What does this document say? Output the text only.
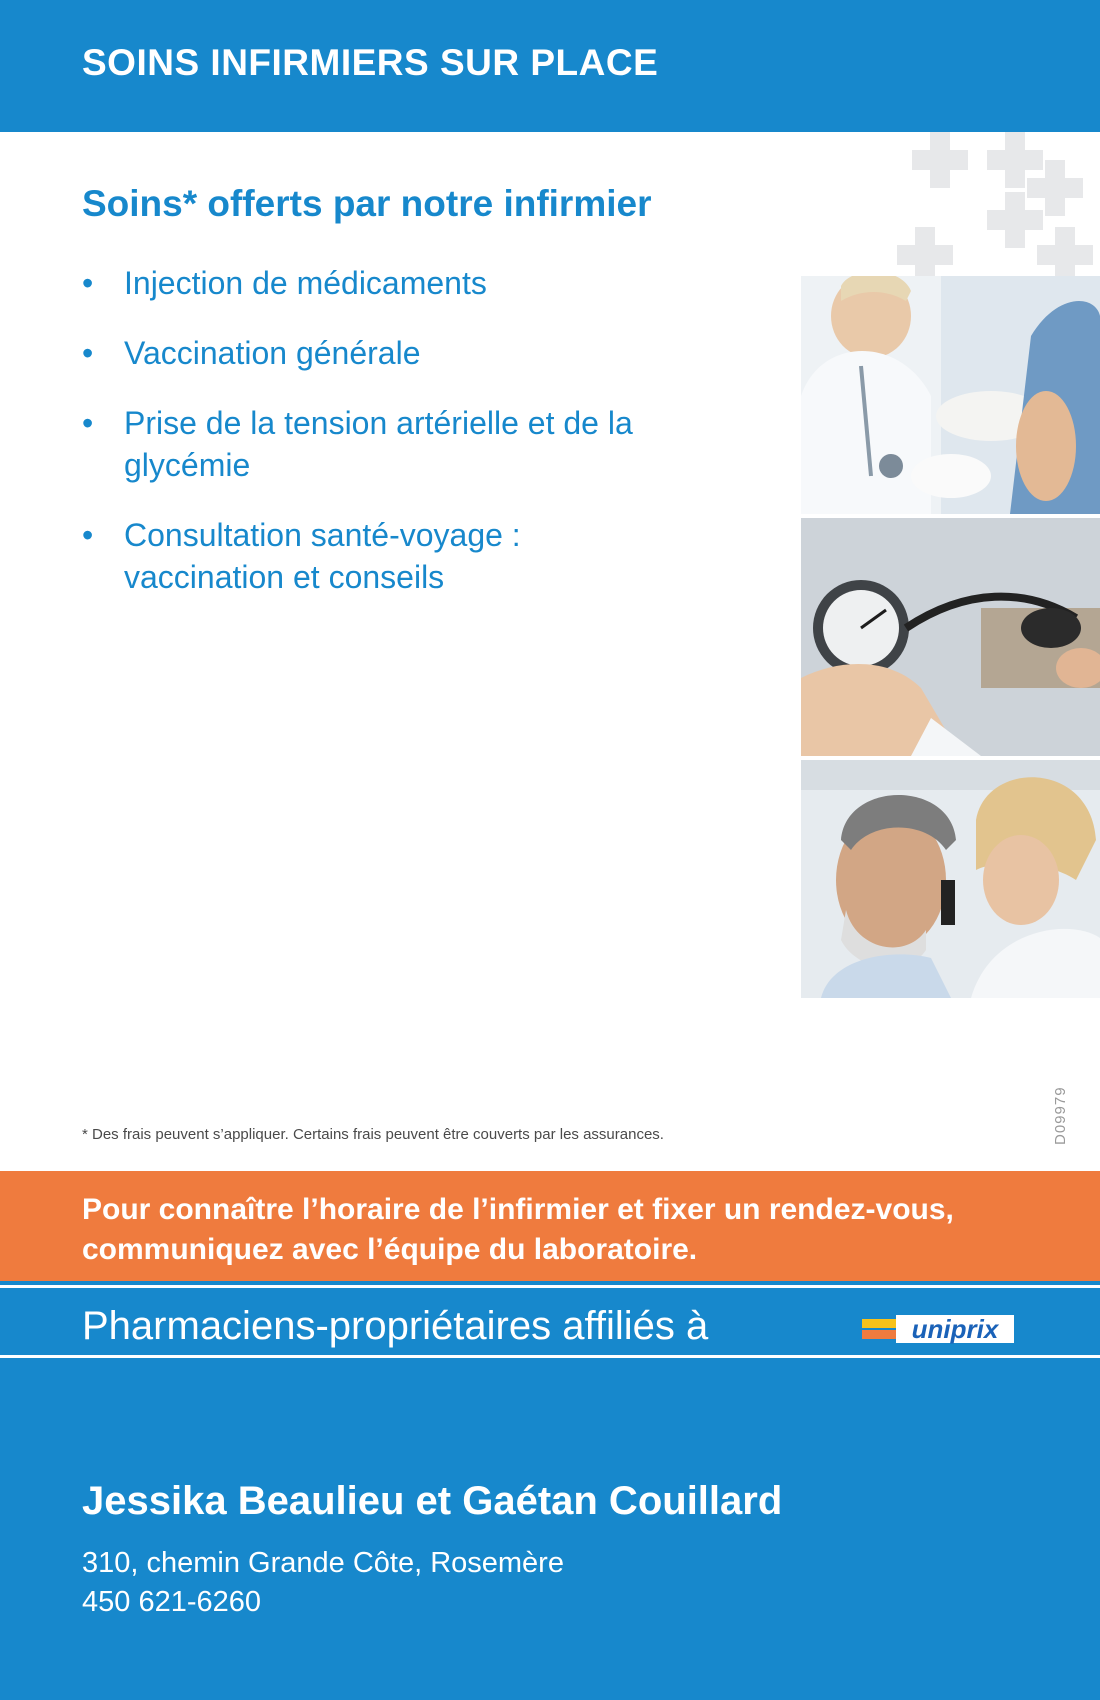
SOINS INFIRMIERS SUR PLACE
Soins* offerts par notre infirmier
• Injection de médicaments
• Vaccination générale
• Prise de la tension artérielle et de la glycémie
• Consultation santé-voyage : vaccination et conseils
* Des frais peuvent s’appliquer. Certains frais peuvent être couverts par les assurances.	D09979
Pour connaître l’horaire de l’infirmier et fixer un rendez-vous, communiquez avec l’équipe du laboratoire.
Pharmaciens-propriétaires affiliés à	uniprix
Jessika Beaulieu et Gaétan Couillard
310, chemin Grande Côte, Rosemère
450 621-6260
